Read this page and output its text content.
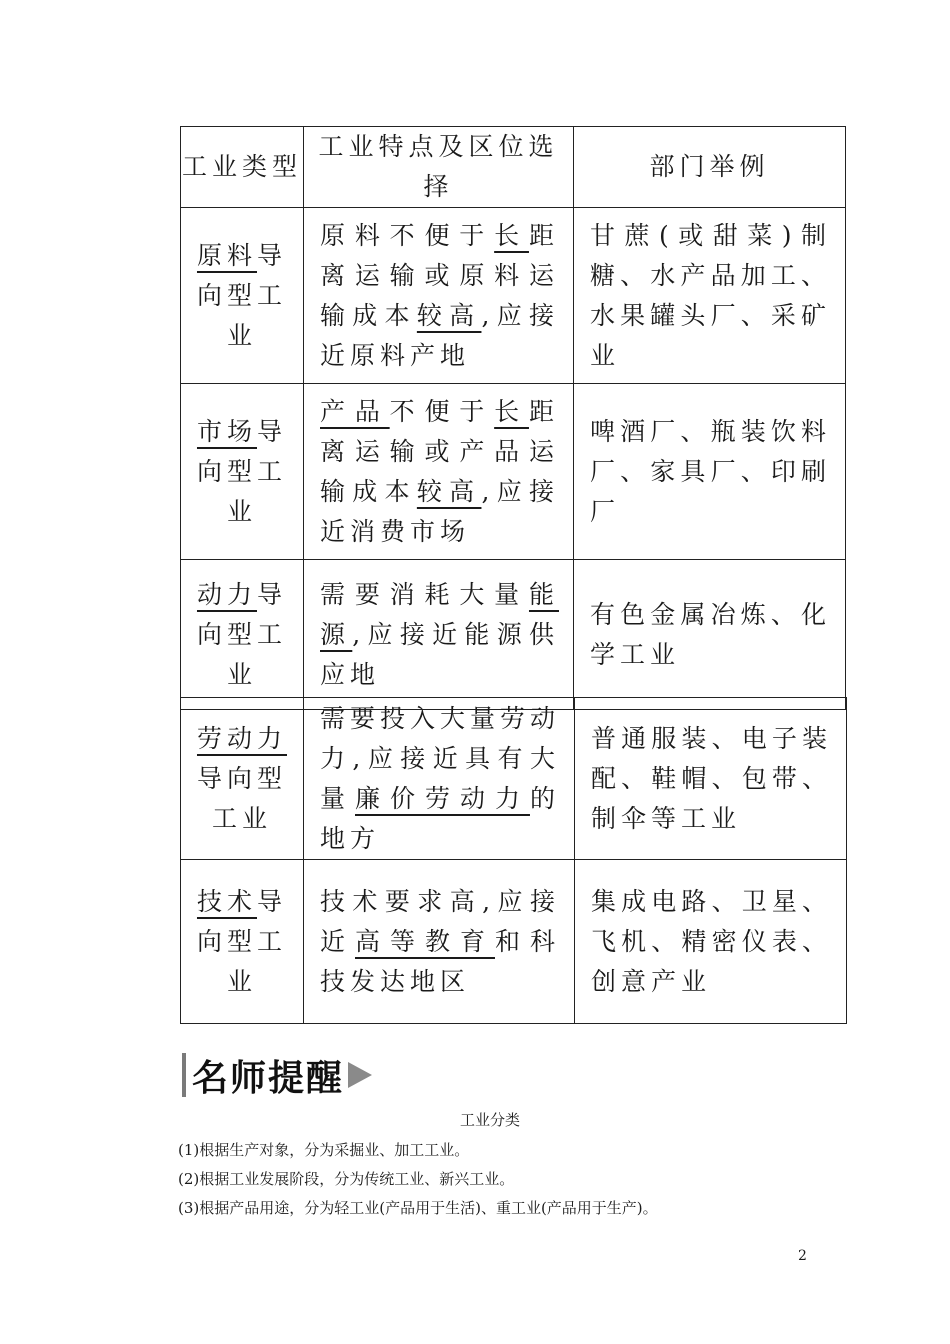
工业类型	工业特点及区位选择	部门举例
原料导向型工业	原料不便于长距离运输或原料运输成本较高,应接近原料产地	甘蔗(或甜菜)制糖、水产品加工、水果罐头厂、采矿业
市场导向型工业	产品不便于长距离运输或产品运输成本较高,应接近消费市场	啤酒厂、瓶装饮料厂、家具厂、印刷厂
动力导向型工业	需要消耗大量能源,应接近能源供应地	有色金属冶炼、化学工业
劳动力导向型工业	需要投入大量劳动力,应接近具有大量廉价劳动力的地方	普通服装、电子装配、鞋帽、包带、制伞等工业
技术导向型工业	技术要求高,应接近高等教育和科技发达地区	集成电路、卫星、飞机、精密仪表、创意产业
名师提醒
工业分类
(1)根据生产对象，分为采掘业、加工工业。
(2)根据工业发展阶段，分为传统工业、新兴工业。
(3)根据产品用途，分为轻工业(产品用于生活)、重工业(产品用于生产)。
2
